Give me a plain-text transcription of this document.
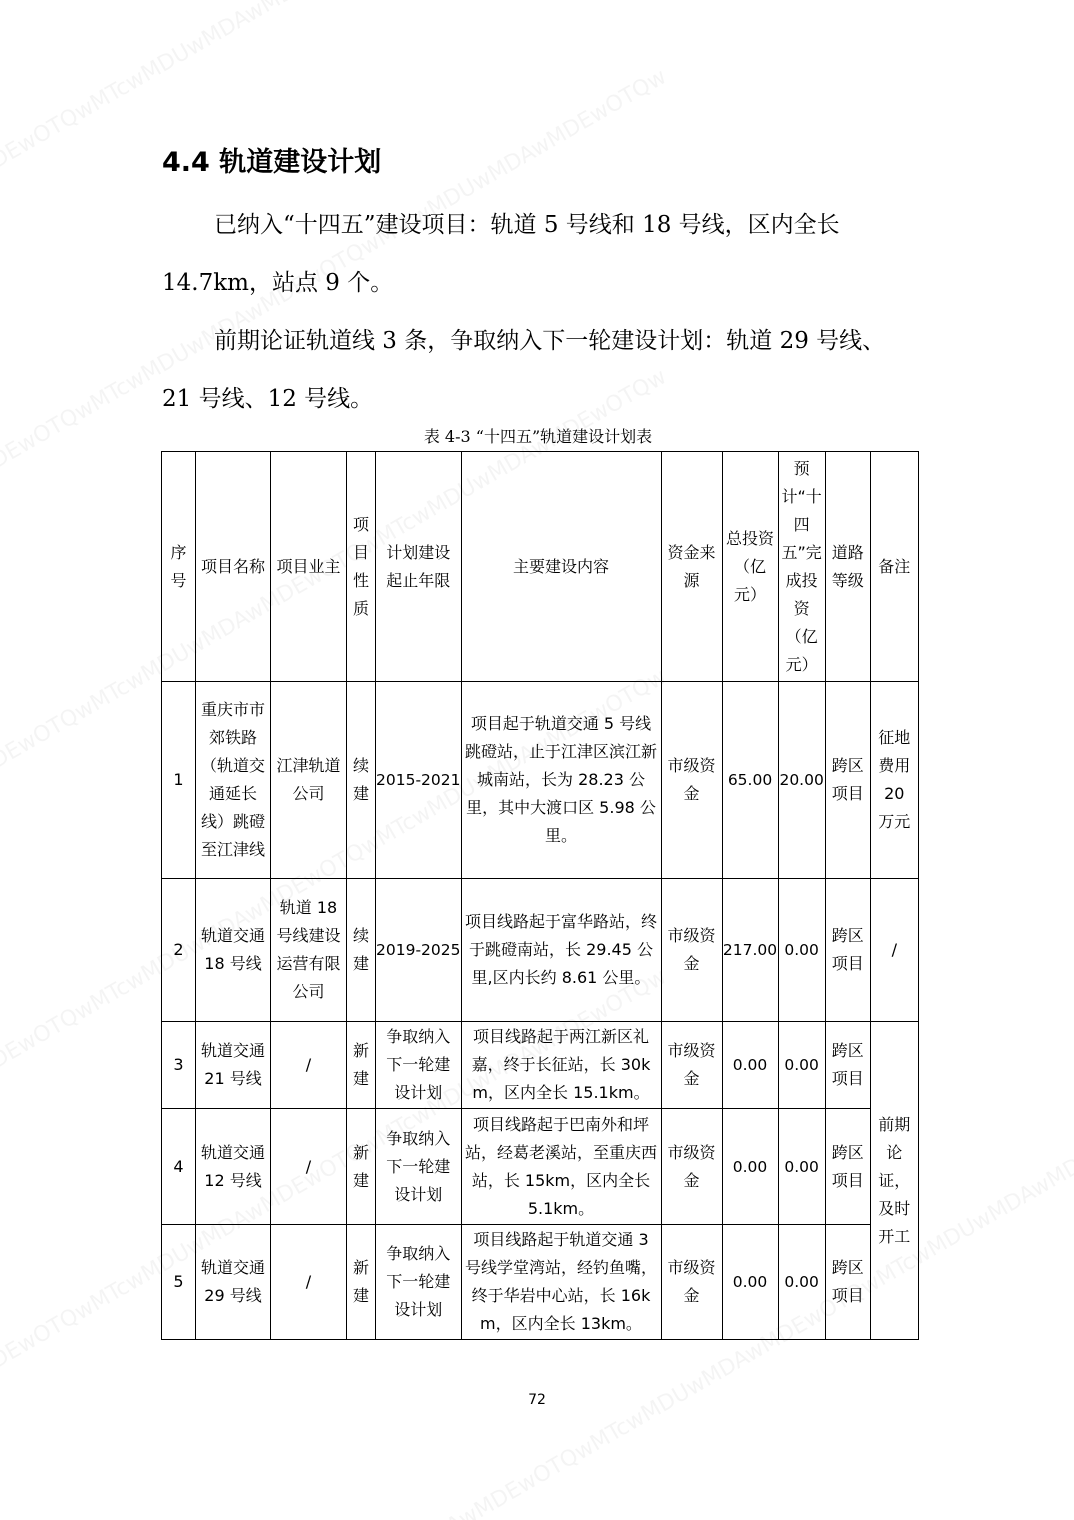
4.4 轨道建设计划

已纳入“十四五”建设项目：轨道 5 号线和 18 号线，区内全长 14.7km，站点 9 个。

前期论证轨道线 3 条，争取纳入下一轮建设计划：轨道 29 号线、21 号线、12 号线。

表 4-3 “十四五”轨道建设计划表
序号	项目名称	项目业主	项目性质	计划建设起止年限	主要建设内容	资金来源	总投资（亿元）	预计“十四五”完成投资（亿元）	道路等级	备注
1	重庆市市郊铁路（轨道交通延长线）跳磴至江津线	江津轨道公司	续建	2015-2021	项目起于轨道交通 5 号线跳磴站，止于江津区滨江新城南站，长为 28.23 公里，其中大渡口区 5.98 公里。	市级资金	65.00	20.00	跨区项目	征地费用 20 万元
2	轨道交通 18 号线	轨道 18 号线建设运营有限公司	续建	2019-2025	项目线路起于富华路站，终于跳磴南站，长 29.45 公里,区内长约 8.61 公里。	市级资金	217.00	0.00	跨区项目	/
3	轨道交通 21 号线	/	新建	争取纳入下一轮建设计划	项目线路起于两江新区礼嘉，终于长征站，长 30km，区内全长 15.1km。	市级资金	0.00	0.00	跨区项目	前期论证，及时开工
4	轨道交通 12 号线	/	新建	争取纳入下一轮建设计划	项目线路起于巴南外和坪站，经葛老溪站，至重庆西站，长 15km，区内全长 5.1km。	市级资金	0.00	0.00	跨区项目	
5	轨道交通 29 号线	/	新建	争取纳入下一轮建设计划	项目线路起于轨道交通 3 号线学堂湾站，经钓鱼嘴，终于华岩中心站，长 16km，区内全长 13km。	市级资金	0.00	0.00	跨区项目	
72
